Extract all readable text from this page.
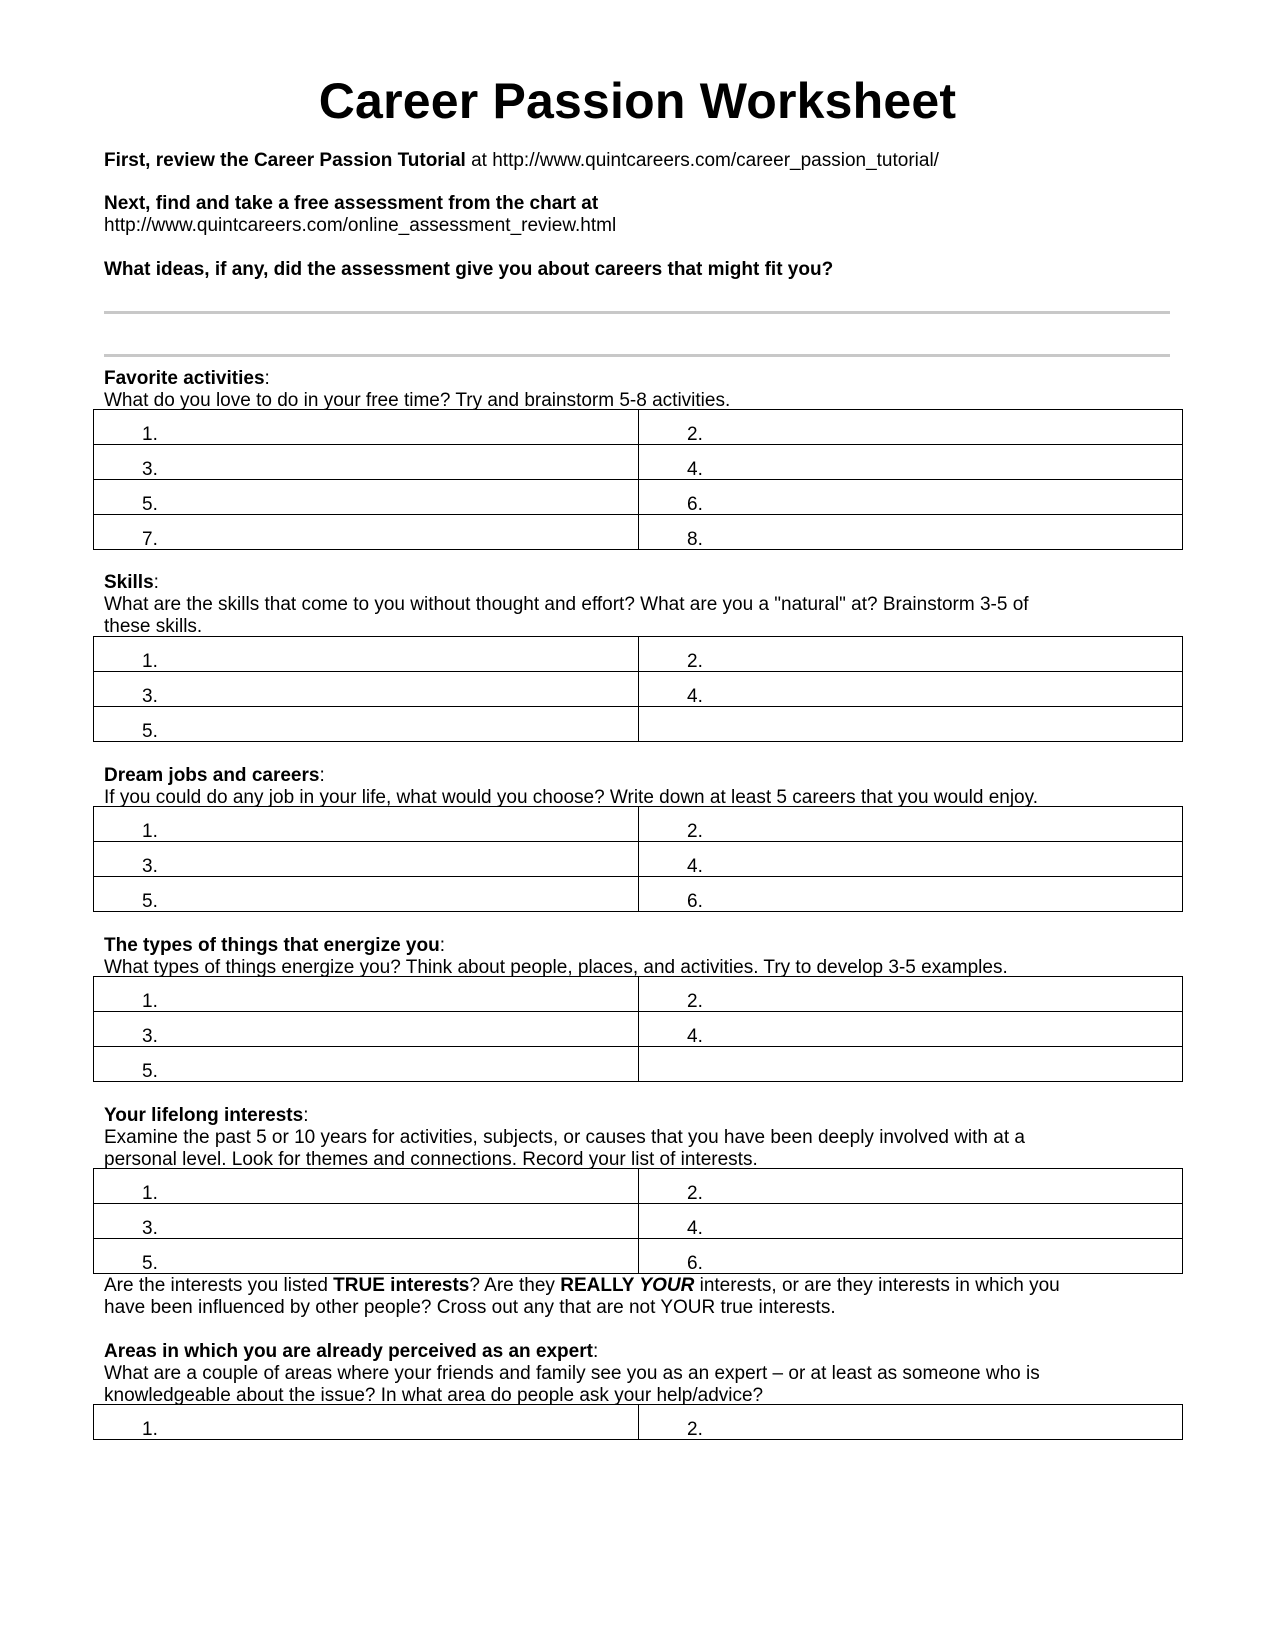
Career Passion Worksheet
First, review the Career Passion Tutorial at http://www.quintcareers.com/career_passion_tutorial/
Next, find and take a free assessment from the chart at
http://www.quintcareers.com/online_assessment_review.html
What ideas, if any, did the assessment give you about careers that might fit you?
Favorite activities:
What do you love to do in your free time? Try and brainstorm 5-8 activities.
1.	2.
3.	4.
5.	6.
7.	8.
Skills:
What are the skills that come to you without thought and effort? What are you a "natural" at? Brainstorm 3-5 of
these skills.
1.	2.
3.	4.
5.	
Dream jobs and careers:
If you could do any job in your life, what would you choose? Write down at least 5 careers that you would enjoy.
1.	2.
3.	4.
5.	6.
The types of things that energize you:
What types of things energize you? Think about people, places, and activities. Try to develop 3-5 examples.
1.	2.
3.	4.
5.	
Your lifelong interests:
Examine the past 5 or 10 years for activities, subjects, or causes that you have been deeply involved with at a
personal level. Look for themes and connections. Record your list of interests.
1.	2.
3.	4.
5.	6.
Are the interests you listed TRUE interests? Are they REALLY YOUR interests, or are they interests in which you
have been influenced by other people? Cross out any that are not YOUR true interests.
Areas in which you are already perceived as an expert:
What are a couple of areas where your friends and family see you as an expert – or at least as someone who is
knowledgeable about the issue? In what area do people ask your help/advice?
1.	2.
